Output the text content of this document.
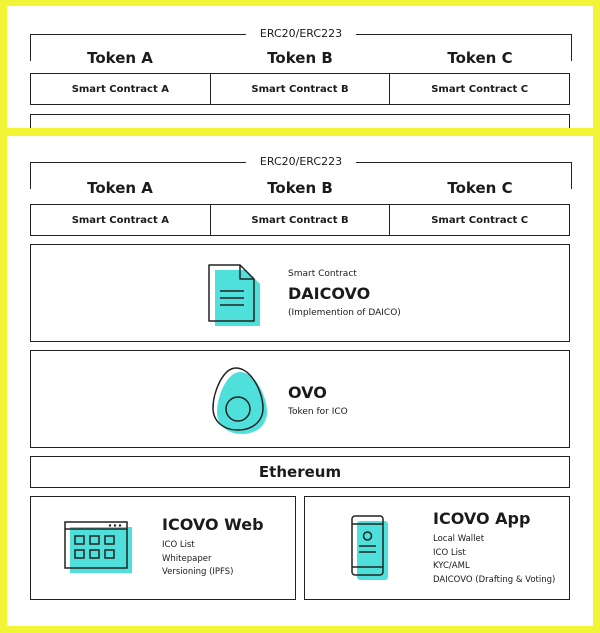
ERC20/ERC223
Token A	Token B	Token C
Smart Contract A	Smart Contract B	Smart Contract C
ERC20/ERC223
Token A	Token B	Token C
Smart Contract A	Smart Contract B	Smart Contract C
Smart Contract
DAICOVO
(Implemention of DAICO)
OVO
Token for ICO
Ethereum
ICOVO Web
ICO List
Whitepaper
Versioning (IPFS)
ICOVO App
Local Wallet
ICO List
KYC/AML
DAICOVO (Drafting & Voting)
